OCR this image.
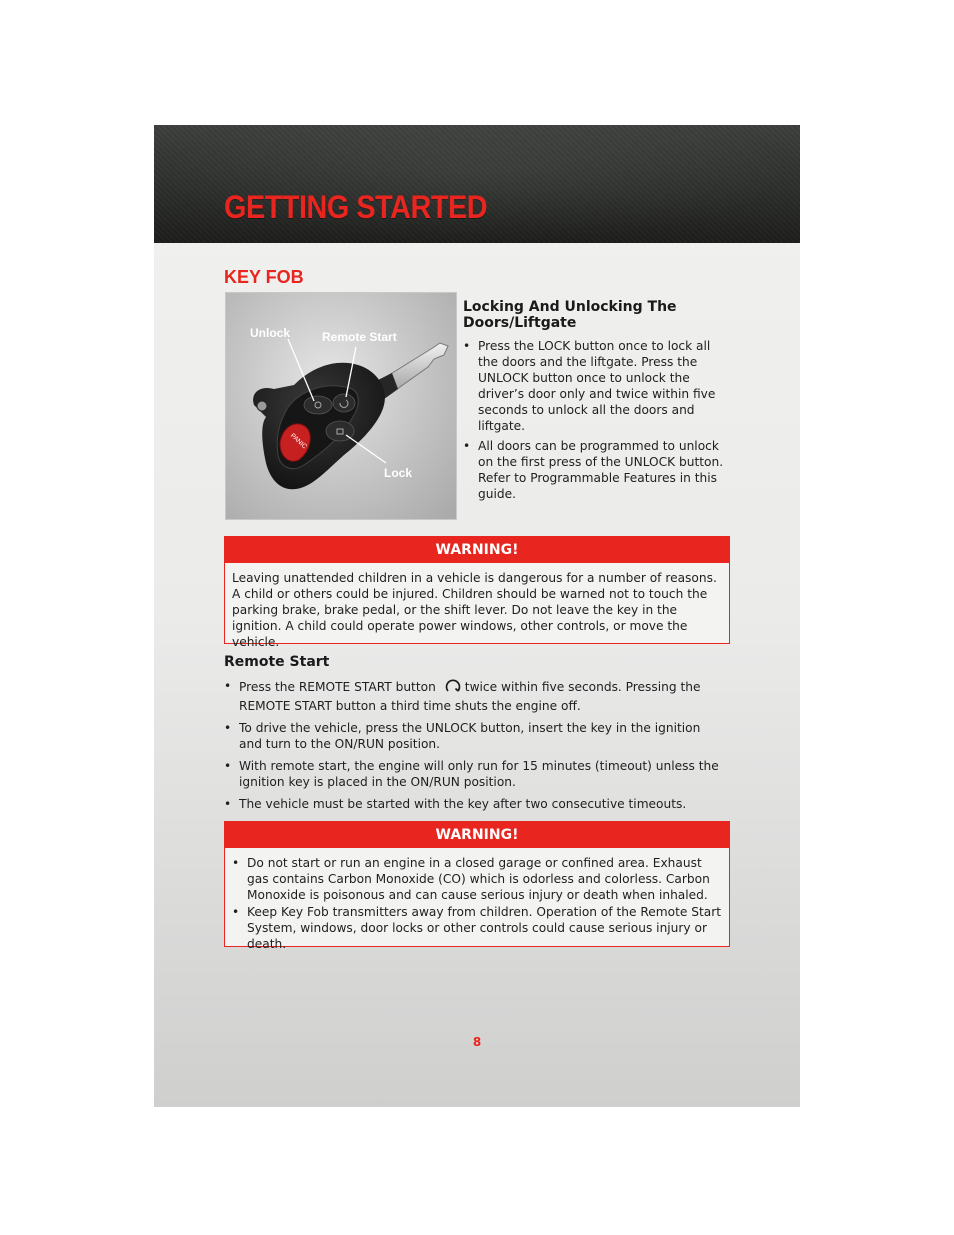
GETTING STARTED
KEY FOB
PANIC
Unlock	Remote Start
Lock
Locking And Unlocking The Doors/Liftgate
• Press the LOCK button once to lock all the doors and the liftgate. Press the UNLOCK button once to unlock the driver’s door only and twice within five seconds to unlock all the doors and liftgate.
• All doors can be programmed to unlock on the first press of the UNLOCK button. Refer to Programmable Features in this guide.
WARNING!
Leaving unattended children in a vehicle is dangerous for a number of reasons. A child or others could be injured. Children should be warned not to touch the parking brake, brake pedal, or the shift lever. Do not leave the key in the ignition. A child could operate power windows, other controls, or move the vehicle.
Remote Start
• Press the REMOTE START button twice within five seconds. Pressing the REMOTE START button a third time shuts the engine off.
• To drive the vehicle, press the UNLOCK button, insert the key in the ignition and turn to the ON/RUN position.
• With remote start, the engine will only run for 15 minutes (timeout) unless the ignition key is placed in the ON/RUN position.
• The vehicle must be started with the key after two consecutive timeouts.
WARNING!
• Do not start or run an engine in a closed garage or confined area. Exhaust gas contains Carbon Monoxide (CO) which is odorless and colorless. Carbon Monoxide is poisonous and can cause serious injury or death when inhaled.
• Keep Key Fob transmitters away from children. Operation of the Remote Start System, windows, door locks or other controls could cause serious injury or death.
8
